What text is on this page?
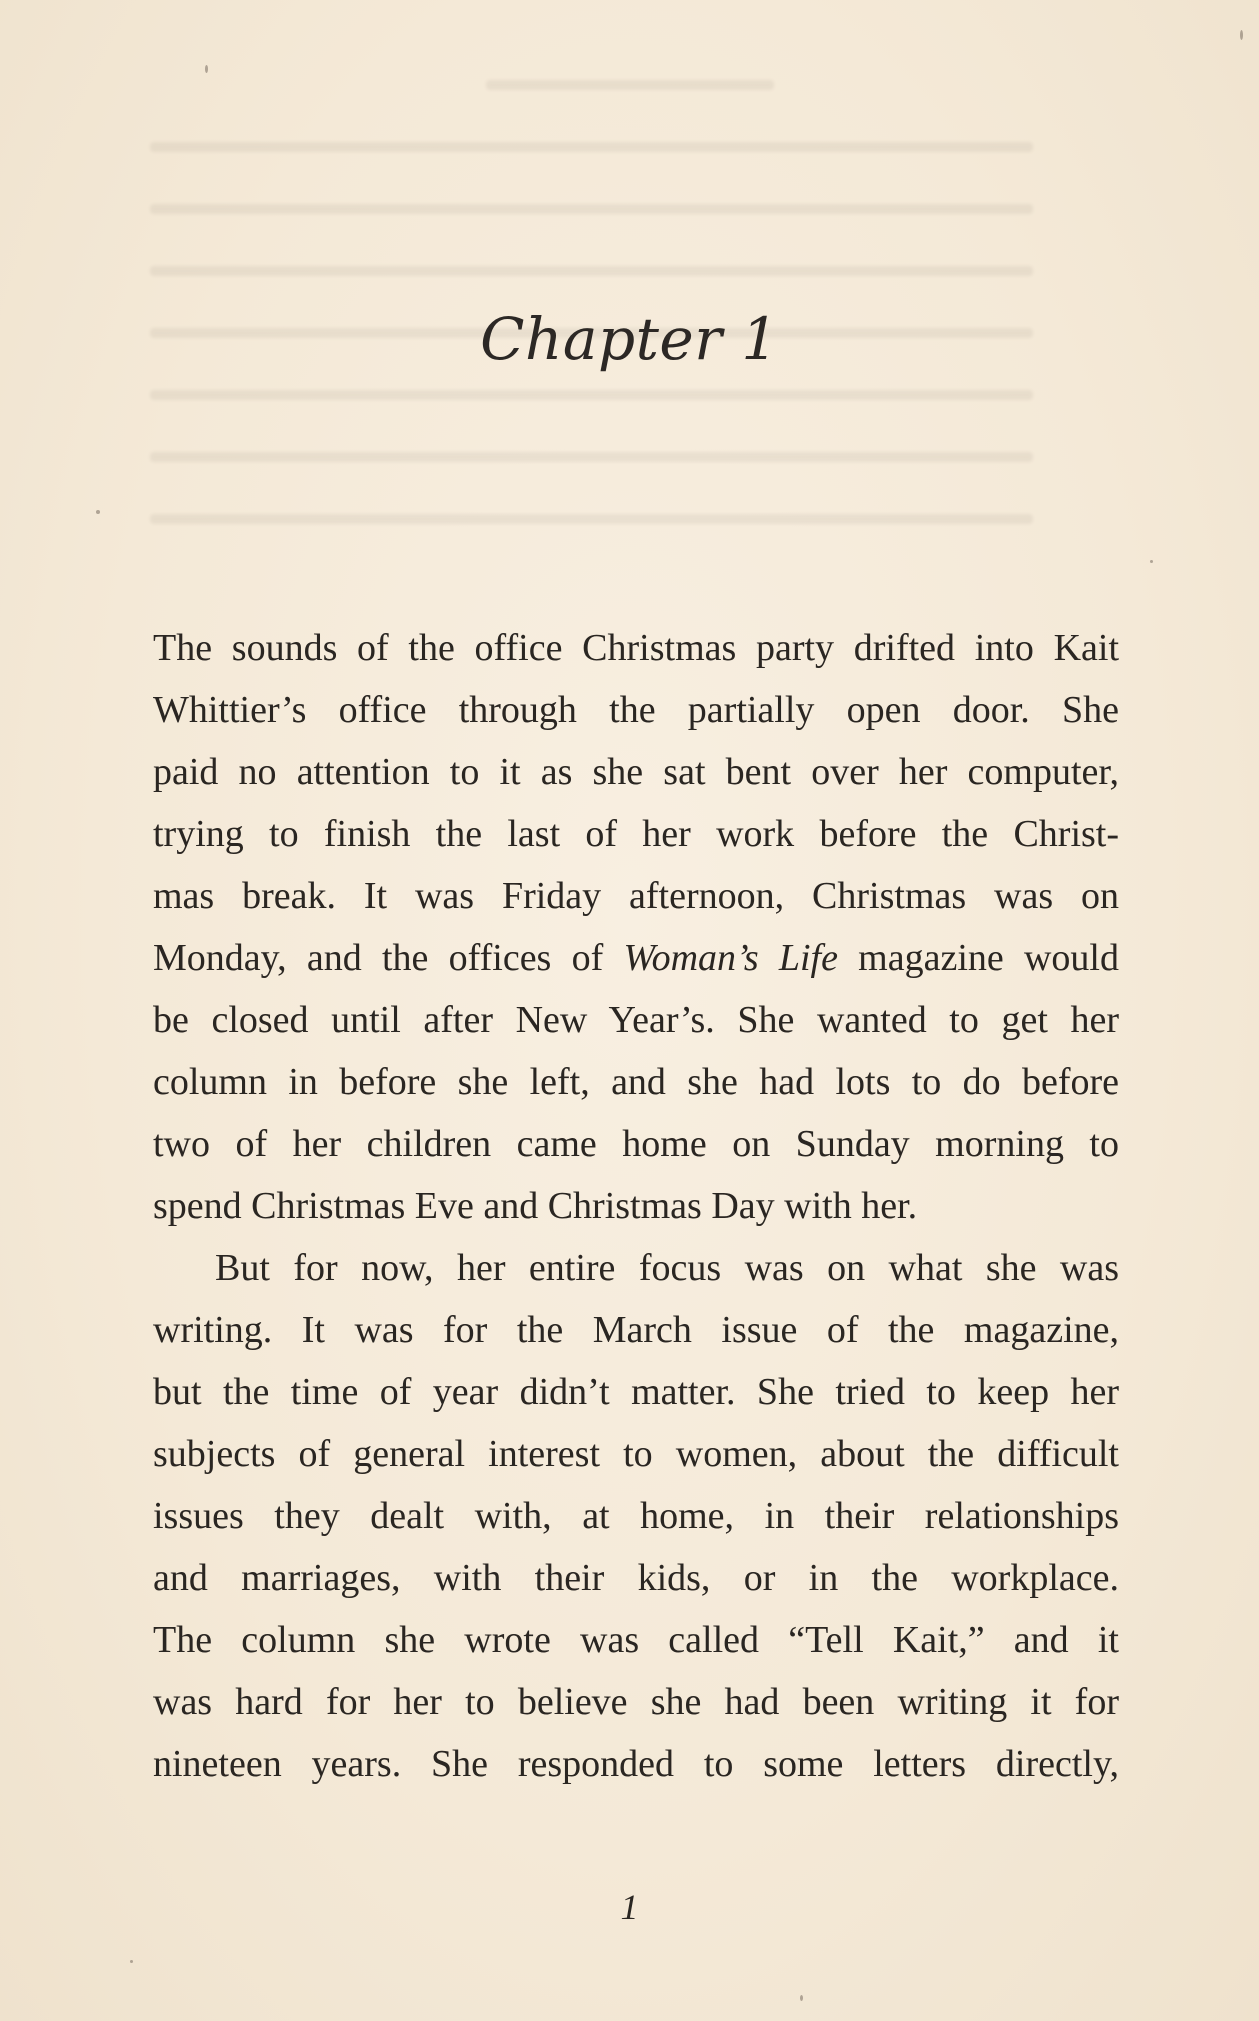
Chapter 1

The sounds of the office Christmas party drifted into Kait
Whittier’s office through the partially open door. She
paid no attention to it as she sat bent over her computer,
trying to finish the last of her work before the Christ-
mas break. It was Friday afternoon, Christmas was on
Monday, and the offices of Woman’s Life magazine would
be closed until after New Year’s. She wanted to get her
column in before she left, and she had lots to do before
two of her children came home on Sunday morning to
spend Christmas Eve and Christmas Day with her.

But for now, her entire focus was on what she was
writing. It was for the March issue of the magazine,
but the time of year didn’t matter. She tried to keep her
subjects of general interest to women, about the difficult
issues they dealt with, at home, in their relationships
and marriages, with their kids, or in the workplace.
The column she wrote was called “Tell Kait,” and it
was hard for her to believe she had been writing it for
nineteen years. She responded to some letters directly,

1
